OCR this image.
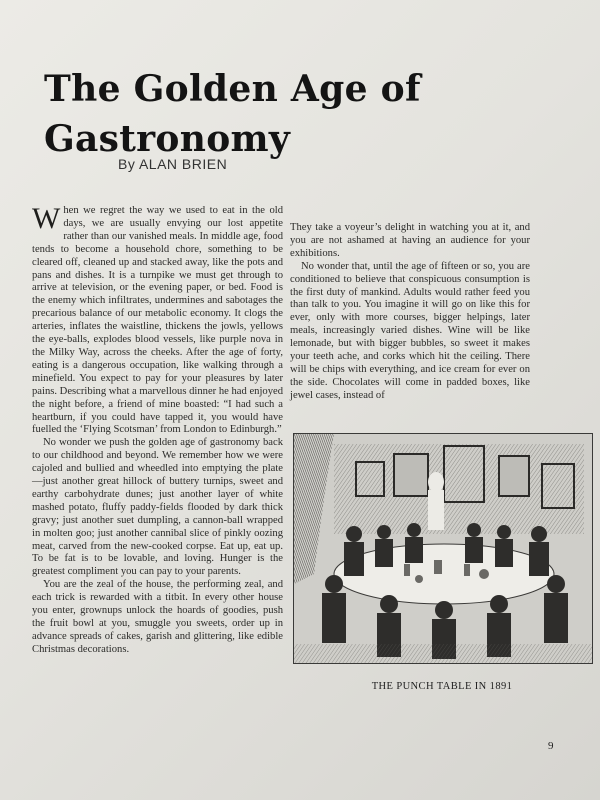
The Golden Age of Gastronomy
By ALAN BRIEN

When we regret the way we used to eat in the old days, we are usually envying our lost appetite rather than our vanished meals. In middle age, food tends to become a household chore, something to be cleared off, cleaned up and stacked away, like the pots and pans and dishes. It is a turnpike we must get through to arrive at television, or the evening paper, or bed. Food is the enemy which infiltrates, undermines and sabotages the precarious balance of our metabolic economy. It clogs the arteries, inflates the waistline, thickens the jowls, yellows the eye-balls, explodes blood vessels, like purple nova in the Milky Way, across the cheeks. After the age of forty, eating is a dangerous occupation, like walking through a minefield. You expect to pay for your pleasures by later pains. Describing what a marvellous dinner he had enjoyed the night before, a friend of mine boasted: “I had such a heartburn, if you could have tapped it, you would have fuelled the ‘Flying Scotsman’ from London to Edinburgh.”

No wonder we push the golden age of gastronomy back to our childhood and beyond. We remember how we were cajoled and bullied and wheedled into emptying the plate—just another great hillock of buttery turnips, sweet and earthy carbohydrate dunes; just another layer of white mashed potato, fluffy paddy-fields flooded by dark thick gravy; just another suet dumpling, a cannon-ball wrapped in molten goo; just another cannibal slice of pinkly oozing meat, carved from the new-cooked corpse. Eat up, eat up. To be fat is to be lovable, and loving. Hunger is the greatest compliment you can pay to your parents.

You are the zeal of the house, the performing zeal, and each trick is rewarded with a titbit. In every other house you enter, grownups unlock the hoards of goodies, push the fruit bowl at you, smuggle you sweets, order up in advance spreads of cakes, garish and glittering, like edible Christmas decorations.

They take a voyeur’s delight in watching you at it, and you are not ashamed at having an audience for your exhibitions.

No wonder that, until the age of fifteen or so, you are conditioned to believe that conspicuous consumption is the first duty of mankind. Adults would rather feed you than talk to you. You imagine it will go on like this for ever, only with more courses, bigger helpings, later meals, increasingly varied dishes. Wine will be like lemonade, but with bigger bubbles, so sweet it makes your teeth ache, and corks which hit the ceiling. There will be chips with everything, and ice cream for ever on the side. Chocolates will come in padded boxes, like jewel cases, instead of

THE PUNCH TABLE IN 1891
9
